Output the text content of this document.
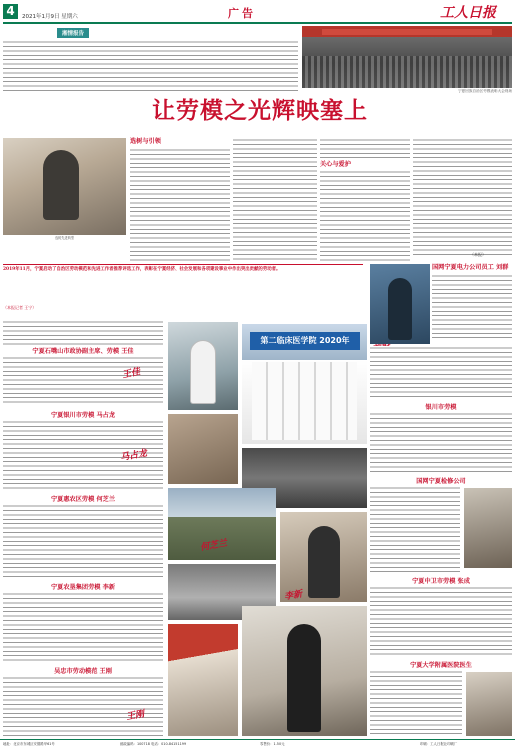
4	2021年1月9日 星期六	广告	工人日报
湘情报告
宁夏回族自治区劳模表彰大会现场
让劳模之光辉映塞上
选树先进典型
选树与引领
关心与爱护
（本报）
2019年11月，宁夏启动了自治区劳动模范和先进工作者推荐评选工作，表彰在宁夏经济、社会发展和各项建设事业中作出突出贡献的劳动者。
（本报记者 王宁）
宁夏石嘴山市政协副主席、劳模 王佳
宁夏银川市劳模 马占龙
宁夏惠农区劳模 何芝兰
宁夏农垦集团劳模 李新
吴忠市劳动模范 王刚
第二临床医学院 2020年
王佳
马占龙
何芝兰
李新
王刚
国网宁夏电力公司员工 刘群
银川市劳模
国网宁夏检修公司
宁夏中卫市劳模 张成
宁夏大学附属医院医生
地址：北京市东城区安德路甲61号	邮政编码：100718 电话：010-84151199	零售价：1.50元	印刷：工人日报社印刷厂
